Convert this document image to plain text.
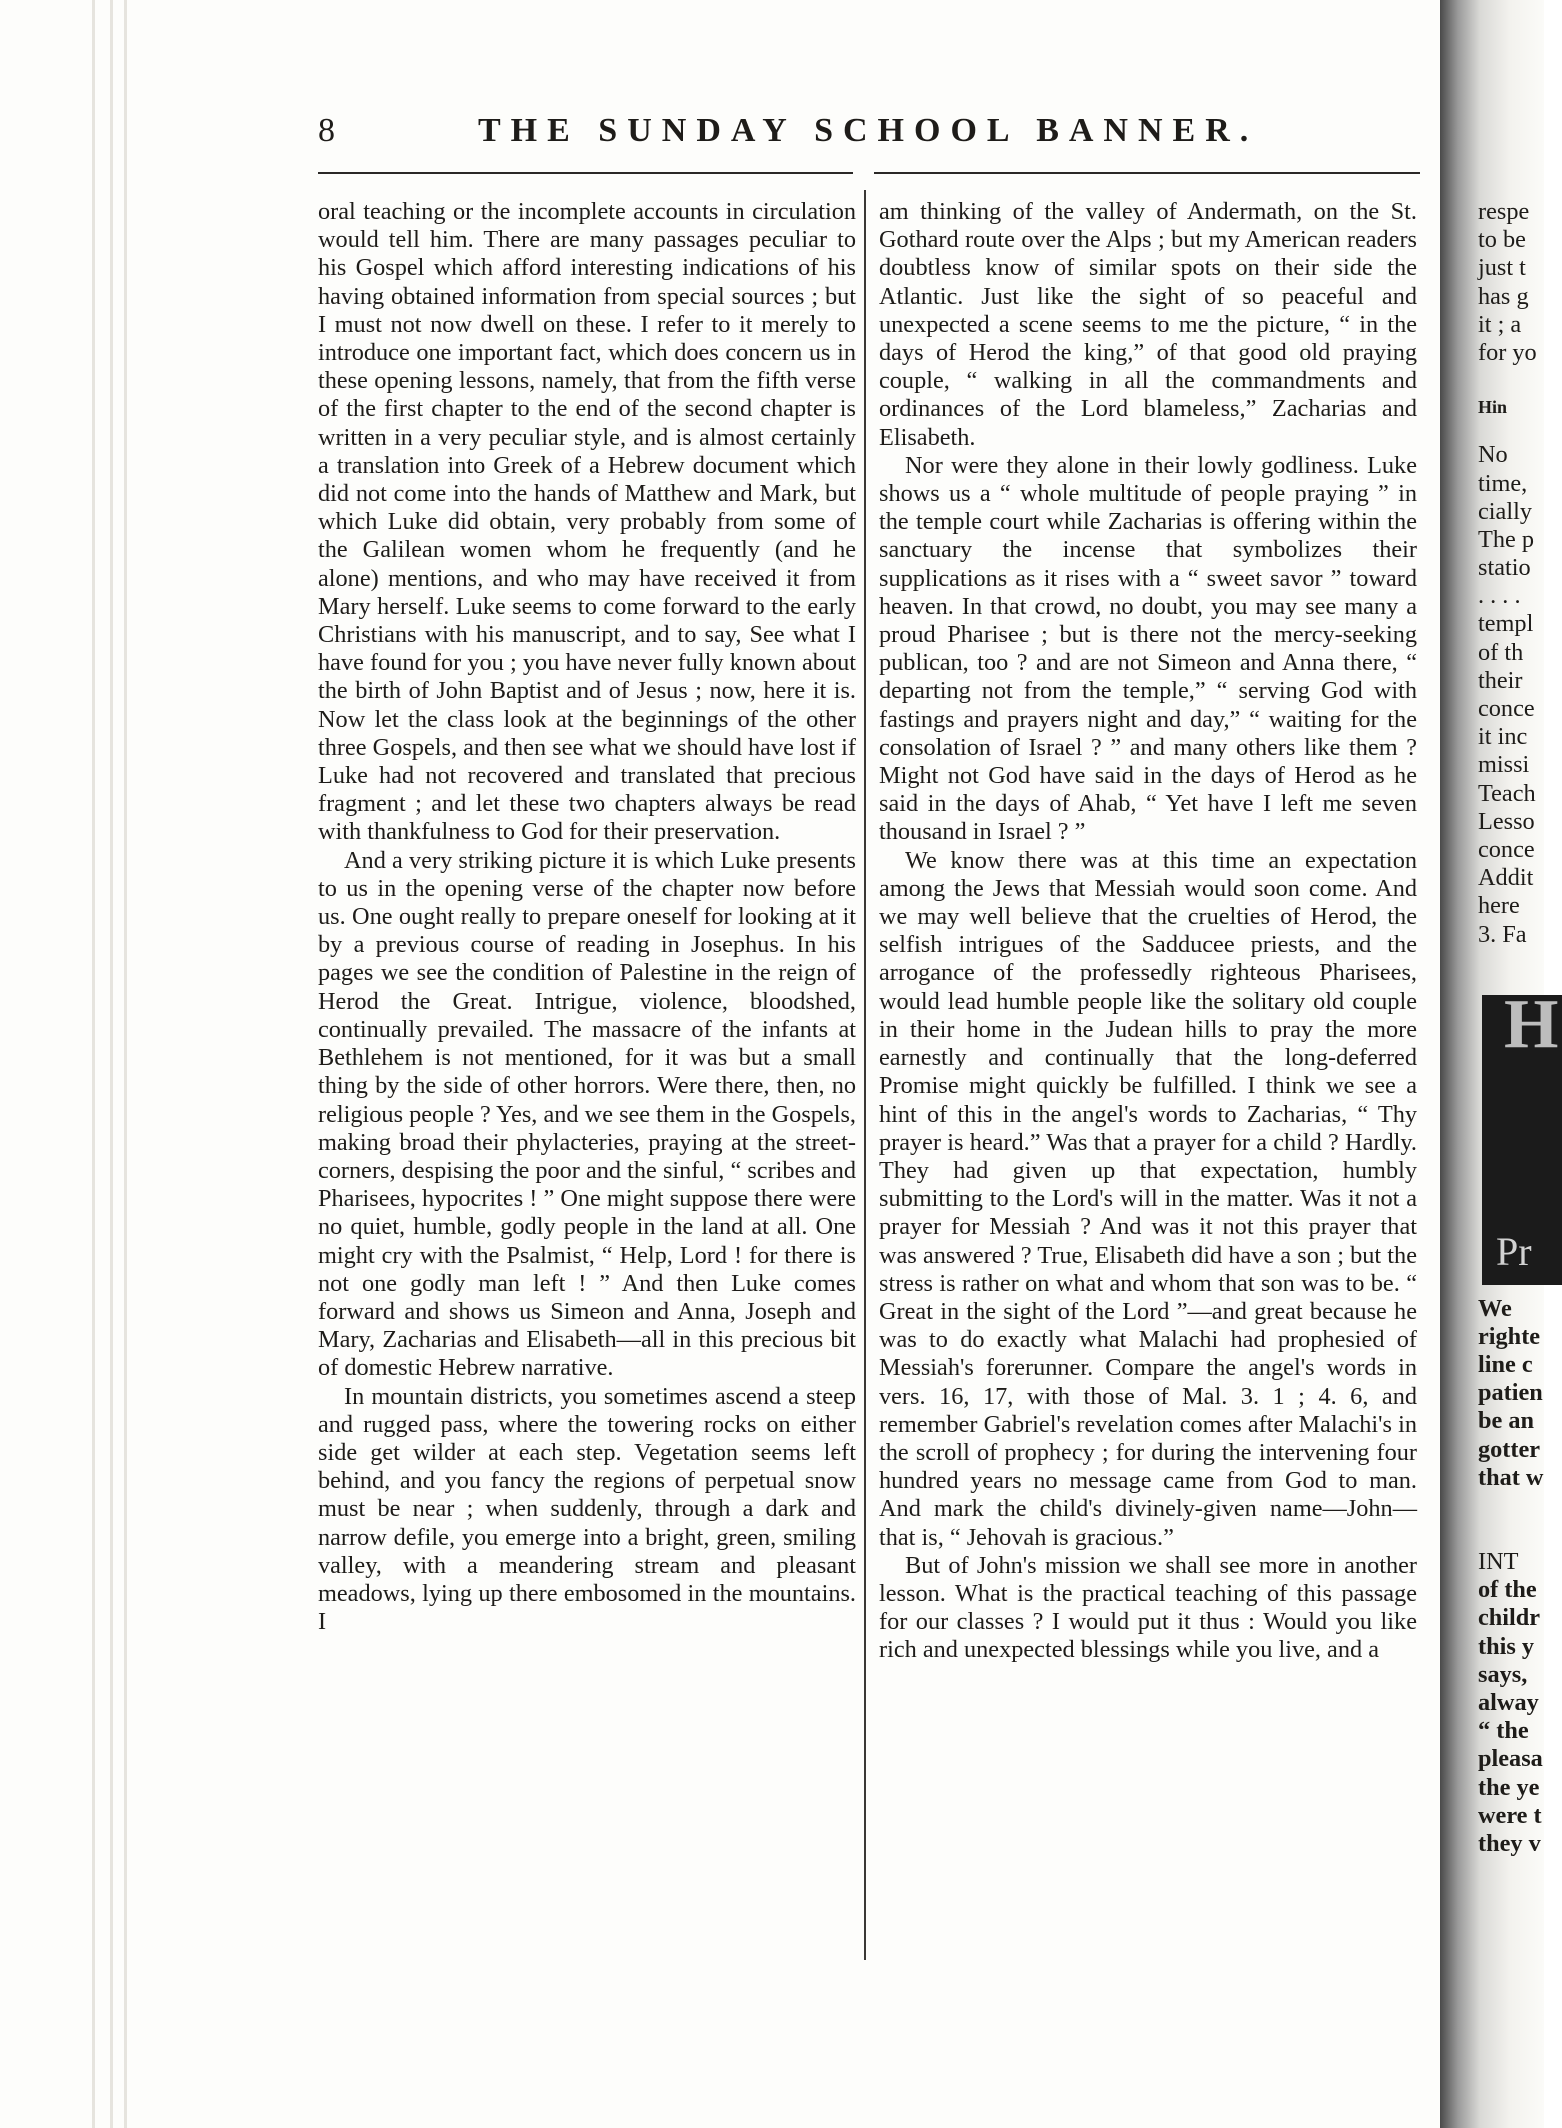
8	THE SUNDAY SCHOOL BANNER.

oral teaching or the incomplete accounts in circulation would tell him. There are many passages peculiar to his Gospel which afford interesting indications of his having obtained information from special sources ; but I must not now dwell on these. I refer to it merely to introduce one important fact, which does concern us in these opening lessons, namely, that from the fifth verse of the first chapter to the end of the second chapter is written in a very peculiar style, and is almost certainly a translation into Greek of a Hebrew document which did not come into the hands of Matthew and Mark, but which Luke did obtain, very probably from some of the Galilean women whom he frequently (and he alone) mentions, and who may have received it from Mary herself. Luke seems to come forward to the early Christians with his manuscript, and to say, See what I have found for you ; you have never fully known about the birth of John Baptist and of Jesus ; now, here it is. Now let the class look at the beginnings of the other three Gospels, and then see what we should have lost if Luke had not recovered and translated that precious fragment ; and let these two chapters always be read with thankfulness to God for their preservation.

And a very striking picture it is which Luke presents to us in the opening verse of the chapter now before us. One ought really to prepare oneself for looking at it by a previous course of reading in Josephus. In his pages we see the condition of Palestine in the reign of Herod the Great. Intrigue, violence, bloodshed, continually prevailed. The massacre of the infants at Bethlehem is not mentioned, for it was but a small thing by the side of other horrors. Were there, then, no religious people ? Yes, and we see them in the Gospels, making broad their phylacteries, praying at the street-corners, despising the poor and the sinful, “ scribes and Pharisees, hypocrites ! ” One might suppose there were no quiet, humble, godly people in the land at all. One might cry with the Psalmist, “ Help, Lord ! for there is not one godly man left ! ” And then Luke comes forward and shows us Simeon and Anna, Joseph and Mary, Zacharias and Elisabeth—all in this precious bit of domestic Hebrew narrative.

In mountain districts, you sometimes ascend a steep and rugged pass, where the towering rocks on either side get wilder at each step. Vegetation seems left behind, and you fancy the regions of perpetual snow must be near ; when suddenly, through a dark and narrow defile, you emerge into a bright, green, smiling valley, with a meandering stream and pleasant meadows, lying up there embosomed in the mountains. I

am thinking of the valley of Andermath, on the St. Gothard route over the Alps ; but my American readers doubtless know of similar spots on their side the Atlantic. Just like the sight of so peaceful and unexpected a scene seems to me the picture, “ in the days of Herod the king,” of that good old praying couple, “ walking in all the commandments and ordinances of the Lord blameless,” Zacharias and Elisabeth.

Nor were they alone in their lowly godliness. Luke shows us a “ whole multitude of people praying ” in the temple court while Zacharias is offering within the sanctuary the incense that symbolizes their supplications as it rises with a “ sweet savor ” toward heaven. In that crowd, no doubt, you may see many a proud Pharisee ; but is there not the mercy-seeking publican, too ? and are not Simeon and Anna there, “ departing not from the temple,” “ serving God with fastings and prayers night and day,” “ waiting for the consolation of Israel ? ” and many others like them ? Might not God have said in the days of Herod as he said in the days of Ahab, “ Yet have I left me seven thousand in Israel ? ”

We know there was at this time an expectation among the Jews that Messiah would soon come. And we may well believe that the cruelties of Herod, the selfish intrigues of the Sadducee priests, and the arrogance of the professedly righteous Pharisees, would lead humble people like the solitary old couple in their home in the Judean hills to pray the more earnestly and continually that the long-deferred Promise might quickly be fulfilled. I think we see a hint of this in the angel's words to Zacharias, “ Thy prayer is heard.” Was that a prayer for a child ? Hardly. They had given up that expectation, humbly submitting to the Lord's will in the matter. Was it not a prayer for Messiah ? And was it not this prayer that was answered ? True, Elisabeth did have a son ; but the stress is rather on what and whom that son was to be. “ Great in the sight of the Lord ”—and great because he was to do exactly what Malachi had prophesied of Messiah's forerunner. Compare the angel's words in vers. 16, 17, with those of Mal. 3. 1 ; 4. 6, and remember Gabriel's revelation comes after Malachi's in the scroll of prophecy ; for during the intervening four hundred years no message came from God to man. And mark the child's divinely-given name—John—that is, “ Jehovah is gracious.”

But of John's mission we shall see more in another lesson. What is the practical teaching of this passage for our classes ? I would put it thus : Would you like rich and unexpected blessings while you live, and a

respe
to be
just t
has g
it ; a
for yo
Hin
No
time,
cially
The p
statio
. . . .
templ
of th
their
conce
it inc
missi
Teach
Lesso
conce
Addit
here
3. Fa
H
Pr
We
righte
line c
patien
be an
gotter
that w
INT
of the
childr
this y
says,
alway
“ the
pleasa
the ye
were t
they v
